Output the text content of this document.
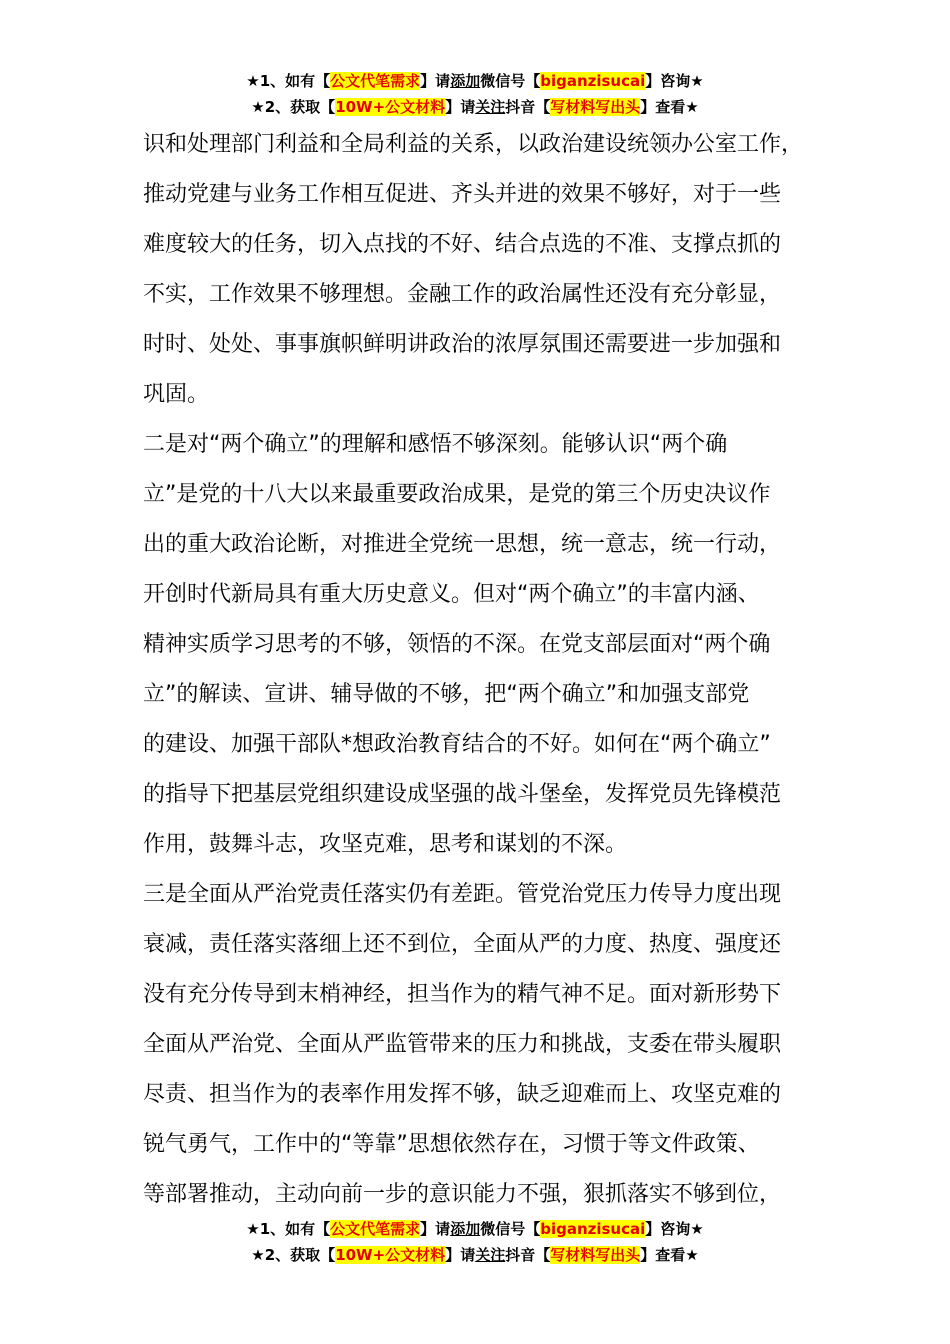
★1、如有【公文代笔需求】请添加微信号【biganzisucai】咨询★
★2、获取【10W+公文材料】请关注抖音【写材料写出头】查看★
识和处理部门利益和全局利益的关系，以政治建设统领办公室工作，
推动党建与业务工作相互促进、齐头并进的效果不够好，对于一些
难度较大的任务，切入点找的不好、结合点选的不准、支撑点抓的
不实，工作效果不够理想。金融工作的政治属性还没有充分彰显，
时时、处处、事事旗帜鲜明讲政治的浓厚氛围还需要进一步加强和
巩固。
二是对“两个确立”的理解和感悟不够深刻。能够认识“两个确
立”是党的十八大以来最重要政治成果，是党的第三个历史决议作
出的重大政治论断，对推进全党统一思想，统一意志，统一行动，
开创时代新局具有重大历史意义。但对“两个确立”的丰富内涵、
精神实质学习思考的不够，领悟的不深。在党支部层面对“两个确
立”的解读、宣讲、辅导做的不够，把“两个确立”和加强支部党
的建设、加强干部队*想政治教育结合的不好。如何在“两个确立”
的指导下把基层党组织建设成坚强的战斗堡垒，发挥党员先锋模范
作用，鼓舞斗志，攻坚克难，思考和谋划的不深。
三是全面从严治党责任落实仍有差距。管党治党压力传导力度出现
衰减，责任落实落细上还不到位，全面从严的力度、热度、强度还
没有充分传导到末梢神经，担当作为的精气神不足。面对新形势下
全面从严治党、全面从严监管带来的压力和挑战，支委在带头履职
尽责、担当作为的表率作用发挥不够，缺乏迎难而上、攻坚克难的
锐气勇气，工作中的“等靠”思想依然存在，习惯于等文件政策、
等部署推动，主动向前一步的意识能力不强，狠抓落实不够到位，
★1、如有【公文代笔需求】请添加微信号【biganzisucai】咨询★
★2、获取【10W+公文材料】请关注抖音【写材料写出头】查看★
